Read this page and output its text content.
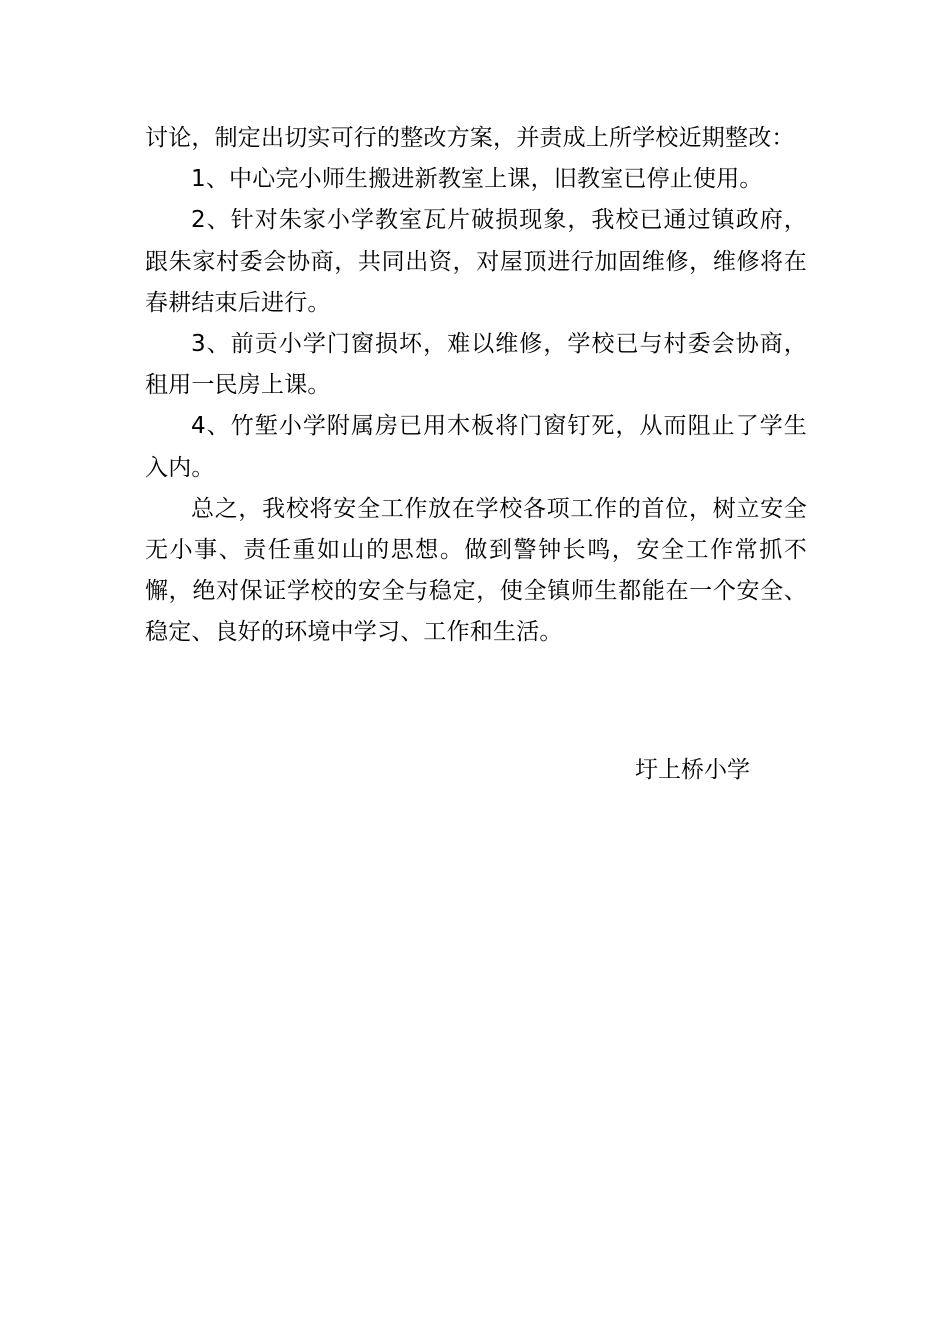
讨论，制定出切实可行的整改方案，并责成上所学校近期整改：

1、中心完小师生搬进新教室上课，旧教室已停止使用。

2、针对朱家小学教室瓦片破损现象，我校已通过镇政府，跟朱家村委会协商，共同出资，对屋顶进行加固维修，维修将在春耕结束后进行。

3、前贡小学门窗损坏，难以维修，学校已与村委会协商，租用一民房上课。

4、竹堑小学附属房已用木板将门窗钉死，从而阻止了学生入内。

总之，我校将安全工作放在学校各项工作的首位，树立安全无小事、责任重如山的思想。做到警钟长鸣，安全工作常抓不懈，绝对保证学校的安全与稳定，使全镇师生都能在一个安全、稳定、良好的环境中学习、工作和生活。

圩上桥小学
